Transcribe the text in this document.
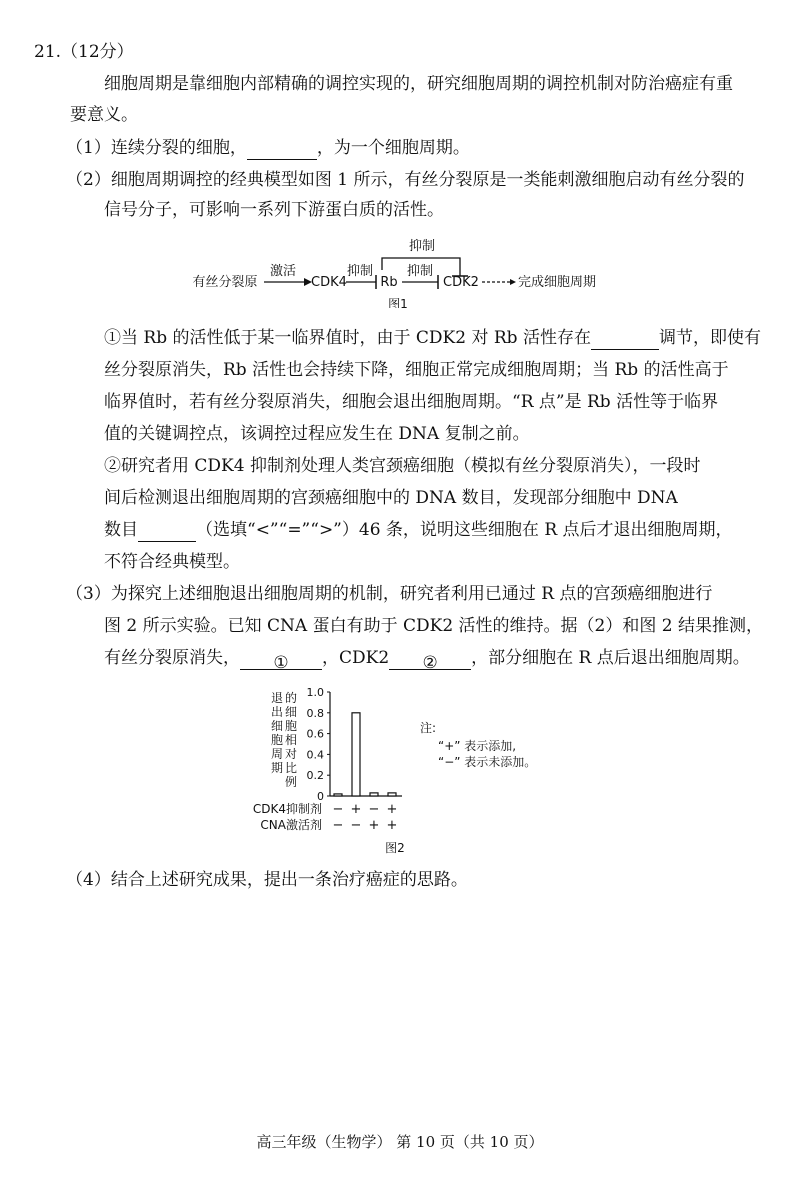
21.（12分）
细胞周期是靠细胞内部精确的调控实现的，研究细胞周期的调控机制对防治癌症有重
要意义。
（1）连续分裂的细胞，	，为一个细胞周期。
（2）细胞周期调控的经典模型如图 1 所示，有丝分裂原是一类能刺激细胞启动有丝分裂的
信号分子，可影响一系列下游蛋白质的活性。
抑制
有丝分裂原
激活
CDK4
抑制
Rb
抑制
CDK2	完成细胞周期
图1
①当 Rb 的活性低于某一临界值时，由于 CDK2 对 Rb 活性存在	调节，即使有
丝分裂原消失，Rb 活性也会持续下降，细胞正常完成细胞周期；当 Rb 的活性高于
临界值时，若有丝分裂原消失，细胞会退出细胞周期。“R 点”是 Rb 活性等于临界
值的关键调控点，该调控过程应发生在 DNA 复制之前。
②研究者用 CDK4 抑制剂处理人类宫颈癌细胞（模拟有丝分裂原消失），一段时
间后检测退出细胞周期的宫颈癌细胞中的 DNA 数目，发现部分细胞中 DNA
数目	（选填“<”“=”“>”）46 条，说明这些细胞在 R 点后才退出细胞周期，
不符合经典模型。
（3）为探究上述细胞退出细胞周期的机制，研究者利用已通过 R 点的宫颈癌细胞进行
图 2 所示实验。已知 CNA 蛋白有助于 CDK2 活性的维持。据（2）和图 2 结果推测，
有丝分裂原消失， ① ，CDK2 ② ，部分细胞在 R 点后退出细胞周期。
1.0
0.8
0.6
0.4
0.2
0
退
出
细
胞
周
期
的
细
胞
相
对
比
例
CDK4抑制剂
CNA激活剂
− + − +
− − + +
图2
注:
“+” 表示添加,
“−” 表示未添加。
（4）结合上述研究成果，提出一条治疗癌症的思路。
高三年级（生物学） 第 10 页（共 10 页）
